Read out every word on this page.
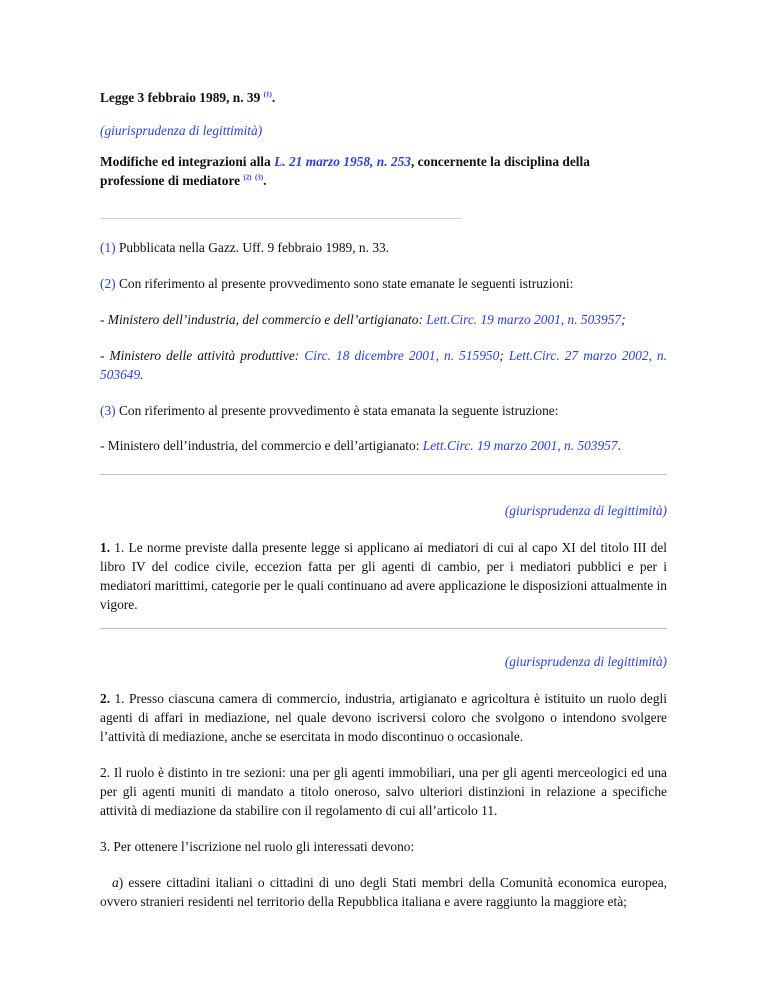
Legge 3 febbraio 1989, n. 39 $^{(1)}$.
(giurisprudenza di legittimità)
Modifiche ed integrazioni alla L. 21 marzo 1958, n. 253, concernente la disciplina della
professione di mediatore $^{(2)}$ $^{(3)}$.
(1) Pubblicata nella Gazz. Uff. 9 febbraio 1989, n. 33.
(2) Con riferimento al presente provvedimento sono state emanate le seguenti istruzioni:
- Ministero dell’industria, del commercio e dell’artigianato: Lett.Circ. 19 marzo 2001, n. 503957;
- Ministero delle attività produttive: Circ. 18 dicembre 2001, n. 515950; Lett.Circ. 27 marzo 2002, n. 503649.
(3) Con riferimento al presente provvedimento è stata emanata la seguente istruzione:
- Ministero dell’industria, del commercio e dell’artigianato: Lett.Circ. 19 marzo 2001, n. 503957.
(giurisprudenza di legittimità)
1. 1. Le norme previste dalla presente legge si applicano ai mediatori di cui al capo XI del titolo III del libro IV del codice civile, eccezion fatta per gli agenti di cambio, per i mediatori pubblici e per i mediatori marittimi, categorie per le quali continuano ad avere applicazione le disposizioni attualmente in vigore.
(giurisprudenza di legittimità)
2. 1. Presso ciascuna camera di commercio, industria, artigianato e agricoltura è istituito un ruolo degli agenti di affari in mediazione, nel quale devono iscriversi coloro che svolgono o intendono svolgere l’attività di mediazione, anche se esercitata in modo discontinuo o occasionale.
2. Il ruolo è distinto in tre sezioni: una per gli agenti immobiliari, una per gli agenti merceologici ed una per gli agenti muniti di mandato a titolo oneroso, salvo ulteriori distinzioni in relazione a specifiche attività di mediazione da stabilire con il regolamento di cui all’articolo 11.
3. Per ottenere l’iscrizione nel ruolo gli interessati devono:
a) essere cittadini italiani o cittadini di uno degli Stati membri della Comunità economica europea, ovvero stranieri residenti nel territorio della Repubblica italiana e avere raggiunto la maggiore età;
